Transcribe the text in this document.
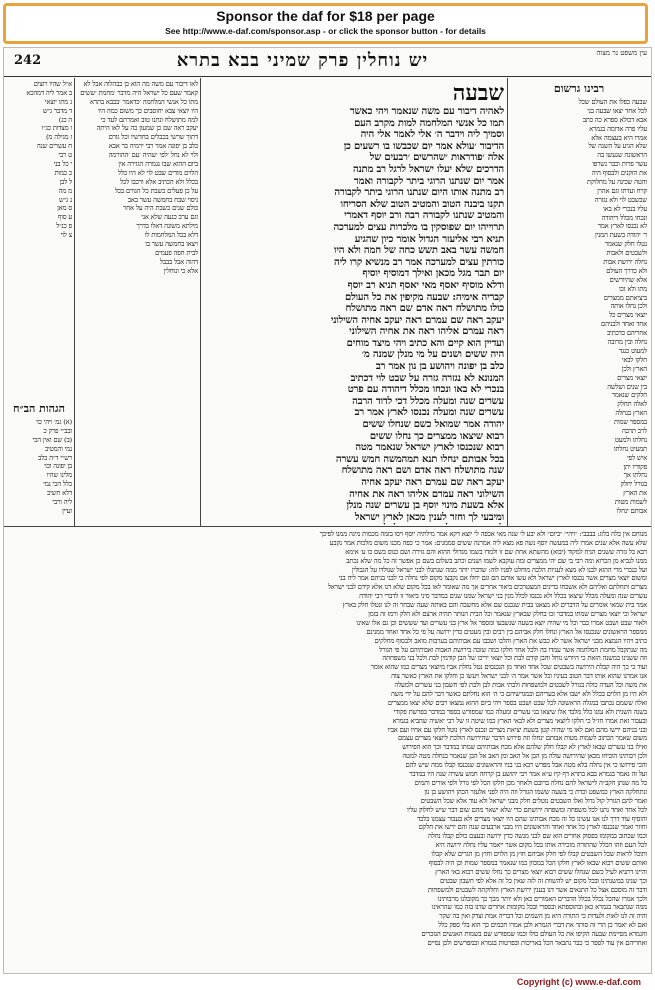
Sponsor the daf for $18 per page
See http://www.e-daf.com/sponsor.asp - or click the sponsor button - for details
242	יש נוחלין פרק שמיני בבא בתרא	עין משפט נר מצוה
א״ל שהיו רוצים
ב אמר ליה דמהכא
ג מתו יוצאי
ד מדבר ג״ש
ה כג)
ו מצדות כג״ו
ז מגילה מ)
ח עשרים שנה
ט רבי
י כל בני
כ כמות
ל לבן
מ מה
נ ג״ש
ס מאן
ע סוף
פ כנ״ל
צ לוי
הגהות הב״ח
(א) גמ׳ ויהי כו׳
ובב״י פרק כ
(ב) שם ואין הכי
נמי והמטיב
רש״י ד״ה כלב
בן יפונה וכו׳
מלינו שהיו
כלל הכי נמי
דלא חשיב
ליה ורבי
ועיין
לאו דיבור עם משה מה הוא כן כבהלוה אבל לא
קאמר שעם כל ישראל היה מדבר ׳מחמת ׳ששים
מתו כל אנשי המלחמה ׳כדאמר ׳בבבא בתרא
היו יוצאי צבא יחוסבים כך משום כמה היו
למה מתושלח ונתנו טוב ואמרתם לעד כי
יעקב ראה שם כן שמעון כה על לאו היתה
דתוך שרשי בכבלים בחדשיו וכל גורם
כלב בן יפונה אמר רבי ירמיה בר אבא
ולוי לא נחל ׳לפי ׳שהיה ׳עם ׳ההורמה
ביום ההוא שבו נגמרה הגזירה אין
הלוים מודים שבט לוי לא היו כלל
בכלל ולא הכתיב אלא ורכבו לכל
על כן פעלים כשבת כל הגורם בכל
ניסוי שבח בחמשה עשר באב
כולם שנים כשבת היה על אחר
וגם ערב כנעה שלא אני
מילתא משונה דאלו בדרך
דלא בכל המלחמות לו
ויצאו בחמשה עשר בו
לבית חפה פעמים
דהוה אבל בבבל
אלא כי ונוחלין
שבעה
לאהיה דיבור עם משה שנאמר ויהי כאשר
תמו כל אנשי המלחמה למות מקרב העם
וסמיך ליה וידבר ה׳ אלי לאמר אלי היה
הדיבור ׳עולא אמר יום שכבשו בו רשעים כן
אלה ׳פודראות ׳שהרשים ׳רבעים של
הדרכים שלא יעלו ישראל לרגל רב מתנה
אמר יום שנתנו הרוגי ביתר לקבורה ואמר
רב מתנה אותו היום שנתנו הרוגי ביתר לקבורה
תקנו ביבנה הטוב והמטיב הטוב שלא הסריחו
והמטיב שנתנו לקבורה רבה ורב יוסף דאמרי
תרוייהו יום שפוסקין בו מלכרות עצים למערכה
תניא רבי אליעזר הגדול אומר כיון שהגיע
חמשה עשר באב תשש כחה של חמה ולא היו
כורתין עצים למערכה אמר רב מנשיא קרו ליה
יום תבר מגל מכאן ואילך דמוסיף יוסיף
ודלא מוסיף יאסף מאי יאסף תניא רב יוסף
קבריה אימיה: שבעה מקיפין את כל העולם
כולו מתושלח ראה אדם שם ראה מתושלח
יעקב ראה שם עמרם ראה יעקב אחיה השילוני
ראה עמרם אליהו ראה את אחיה השילוני
ועדיין הוא קיים והא כתיב ויהי מיצד מוחים
היה ששים ושנים על מי מנלן שמנה מ׳
כלב בן יפונה ויהושע בן נון אמר רב
המנונא לא נגזרה גזרה על שבט לוי דכתיב
בנכרי לא באו ונכחו מכלל דיהודה עם פרט
עשרים שנה ומעלה מכלל דכי לדוד הרבה
עשרים שנה ומעלה נכנסו לארץ אמר רב
יהודה אמר שמואל כשם שנחלו ששים
רבוא שיצאו ממצרים כך נחלו ששים
רבוא שנכנסו לארץ ישראל שנאמר מטה
בכל אבותם ינחלו תנא תמהמשה חמש עשרה
שנה מתושלח ראה אדם ושם ראה מתושלח
יעקב ראה שם עמרם ראה יעקב אחיה
השילוני ראה עמרם אליהו ראה את אחיה
אלא בשעת מינוי יוסף בן עשרים שנה מנלן
ומיבעי לך וחזר לענין מכאן לארץ ישראל
רבינו גרשום
שבעה כפלו את העולם שכל
לכל אחד יצאו שבעה בני
אבא דכולא ספרא כה כתב
עליו פרה אדומה בגמרא
אמרו היא בעצמה אלא
שלא הגיע על השנה של
הראשונה שנעשו בה
עשר פרות וכבר נשרפו
את הזקנים ולבסוף היה
והטה שכינה על מחלוקת
קרח ועדתו וגם אהרן
שבשבט לוי ולא נגזרה
עליו בנכרי לא באו
ונכחו מכלל דיהודה
לא נכנסו לארץ אמר
ר׳ יהודה בשעת המנין
נטלו חלק שנאמר
ולשבטים ולאבות
נחלה ירושת אבות
ולא כדרך העולם
אלא שהיורשים
מתו ולא זכו
ביציאתם ממצרים
ולכן נחלו אותה
יוצאי מצרים כל
אחד ואחד ולבניהם
אחריהם כדכתיב
נחלה ובין מרובה
למעוט כנגד
חלקו לבאי
הארץ ולכן
יוצאי מצרים
בין שנים ושלשה
חלקים שנאמר
לאלה תחלק
הארץ בנחלה
במספר שמות
לרב תרבה
נחלתו ולמעט
תמעיט נחלתו
איש לפי
פקודיו יתן
נחלתו אך
בגורל יחלק
את הארץ
לשמות מטות
אבותם ינחלו
מנוחם אין כלה בלוג: בבבבי: ״ויהי״ ״ביום״ ולא יבע לי שנה מאי אכפה לי יוצא דקא אמר מילתיה יוסף ויסו בזמה מכמות מינה ממנו לפיכך
שלא עשה אלא שנים אמרו ליה במעשה יוסף נשה פא מצא ליה אמרנה ששים סממנים: אמר כי כפה מכנו משום מלכות אמר נקבע
רבא כל גזרה ששנים הניח למקוד (יבוא) מהשתא אחת שם זו ולמדו בשמו מגדולי ההוא והם גזירה ושם כנוס בשם כו ע׳ אימא
ממנו לנביא מן הכרוא ומה רבי בי שם יהי ממצרים ומה עוקבא לשמו ושנים וכתב בשלום בשם כן אפשר זה כל מה שלא נכתב
ועל כנכרי מרי ההוא לבנו לא מצא לעניות הלכה מוחלט לפניו לוה: שדברו יותר ממה שנתגלו לבני ישראל שנולדו על הגבולין
ומשום יוצאי מצרים אשר נכנסו לארץ ישראל ולא עשו אותם הם וגם יחלו אם נקבצו מקום לפי נחלה כי לבני בניהם אמר ליה בני
מצרים ותחלתם ואליהם ולא אשכחו בדינים המצטרכים ביאור אחרים אך מה שאומר לאו בכל מקום שלא דנו אלא קידם לבני ישראל
עשרים שנה ומעלה מכלל שיצאו בכלל ולא נכנסו לכלל מנין בני ישראל שמנו שנים במדבר סיני ביאור זו לדברי רבי יהודה
אמר בית שמאי אומרים על הדברים לא מצאנו בבית שנכנס שם אלא מחשבה והם באותה שעה שבחר זה לנו ונטלו חלק בארץ
ישראל וכי יוצאי מצרים שמתו במדבר זכו בחלק שבארץ שנאמר וכל הבית הנותר תהיה ארצם ולא חלק ורמז זה בזמן
ולאור שבט ושבט אמרו כבר וכל מי שהיה יוצא בשעה שנשבעו ומספר אל ארץ בני עשרים ועד שששים וכן גם אלו שאינו
ממספר הראשונים שנכנסו אל הארץ ונחלו חלק אביהם בין רבים ובין מעטים כדין ירושה על פי כל אחד ואחד ממנינם
כתיב ויהיו הנמצא מבני ישראל אשר לא כבש את הארץ והלכו ושכבו עם אבותיהם בערבות מואב ולבסוף מחלקים
מה שנתקבל מחמת המלחמה אשר עמדו בה ולכל אחד חלקו כמה שזכה בירושת האבות ואבותיהם על פי הגורל
וזה ששנינו במשנה הזאת כי היורש נוחל והבן קודם לבת וכל יוצאי יריכו של הבן קודמין לבת ולכל בני משפחתה
ועוד כי כך היה קבלת הירושה בשבטים שכל אחד ואחד מן הנכנסים נטל נחלת אביו מיוצאי מצרים כמו שהוא אומר
אנו אמרנו שהוא אותו דבר הטוב בעיניו וכל אשר אמר ה׳ לבני ישראל ויעשו כן וחלקו את הארץ כאשר צוה
את משה וכל העדה כולה בגורל לשבטים ולמשפחות ולבתי אבות לבן ולבת לפי חשבון בני עשרים ולמעלה
ולא היו מן הלוים בכלל ולא ישבו אלא בעריהם ובמגרשיהם כי ה׳ הוא נחלתם כאשר דבר להם על ידי משה
ואלה ששמם נכתבו במגלה הראשונה לכל שבט ושבט בספר ויהי ביום ההוא נמצאו רבים שלא יצאו ממצרים
בשנה השנית ולא נמנו כלל מלבד אלו שיצאו בני עשרים ומעלה כמו שמפורש בספר במדבר בפרשת פקודי
ובעבור זאת אמרו חז״ל כי חלקו ליוצאי מצרים ולא לבאי הארץ כמו שיטה זו של רבי יאשיה שהביא בגמרא
ובני בניהם ירשו מהם ואם לאו מי שהיה קטן בשעת יציאת מצרים ונכנס לארץ נוטל חלקו עם אחיו ועם אביו
משום שאמר הכתוב לשמות מטות אבותם ינחלו וזה פירוש הדבר שהירושה הולכת ליוצאי מצרים עצמם
ואילו בני עשרים שבאו לארץ לא קבלו חלק שלהם אלא מכח אבותיהם שמתו במדבר וכך הוא הפירוש
ולכן רבותינו הוכיחו מכאן שהירושה עולה מן הבן אל האב ומן האב אל הבן שנאמר בנחלה מטה למטה
והכי פירושו כי אין נחלה בלא מטה אבל מפרש רבא בני בניו והראשונים שנכנסו קבלו ממה שיש להם
ועל זה נאמר בגמרא בבא בתרא דף קיז ע״א אמר רבי יהושע בן קרחה חמש עשרה שנה היו במדבר
כל מה שנתן הקב״ה לישראל להם נחלה ברובם ולאחר מכן חלקו הכל לפי גורל ולפי אורים ותמים
ונתחלקה הארץ כמשפט וכדת כי בשעה ששמו הגורל וזה היה לפני אלעזר הכהן ויהושע בן נון
ואמר להם הגורל קול גדול ואלו השבטים נוטלים חלק מבני ישראל ולא עוד אלא שכל השבטים
לכל אחד ואחד נתנו לכל משפחה ומשפחה ירושתם כדי שלא ישאר מהם שום דבר שיש לחלוק עליו
והוסיף עוד דרך לנו אנו עשינו כל זה מכח אבותינו שהם היו יוצאי מצרים ולא בעבור עצמנו בלבד
וחוזר ואמר שנכנסו לארץ כל אחד ואחד והראשונים היו מבני ארבעים שנה והם ירשו את חלקם
וכמו שכתוב במקומו בפסוק אחרים הוא שם לבני מנשה כדין ירושה ובעצם כולם קבלו נחלה
לכל העם וזהו הכלל שהתורה מזכירה אותו בכל מקום אשר ייאמר עליו נחלה ירושה היא
ותוכל לראות שכל השבטים קבלו לפי חלק אביהם חוץ מן הלוים וחוץ מן הגרים שלא קבלו
ואותם ששים רבוא שבאו לארץ חלקו הכל במכוון כמו שנאמר במספר שמות וכן היה לבסוף
והיינו דתניא לעיל כשם שנחלו ששים רבוא יוצאי מצרים כך נחלו ששים רבוא באי הארץ
וכך שנינו במשנתינו ובכל מקום יש להשוות זה לזה שאין כל זה אלא לפי חשבון שבטים
ודבר זה מוסכם אצל כל התנאים אשר דנו בענין ירושת הארץ וחלוקתה לשבטים ולמשפחות
ולכך אמרו שהכל נכלל בכלל הדברים האמורים כאן ולא יותר מכך כך מקובלנו מרבותינו
ממה שנתבאר בגמרא כאן ובתוספתא ובספרי ובכל מקומות אחרים שדנו בזה כמו שהראינו
והיה זה לנו לאות ולעדות כי התורה היא מן השמים וכל דבריה אמת וצדק ואין בה שקר
ואם לא יאמר כן הרי זה סותר את דברי הגמרא ולכן אמרו חכמים כך הוא בלי ספק כלל
והגמרא מסיימת שבעה הקיפו את כל העולם כולו וכמו שמפורש שם בשמות האנשים הנזכרים
ואחריהם אין עוד לספר כי כבר נתבאר הכל באריכות ובפרטות בגמרא ובמפרשים ולכן נסיים
Copyright (c) www.e-daf.com
